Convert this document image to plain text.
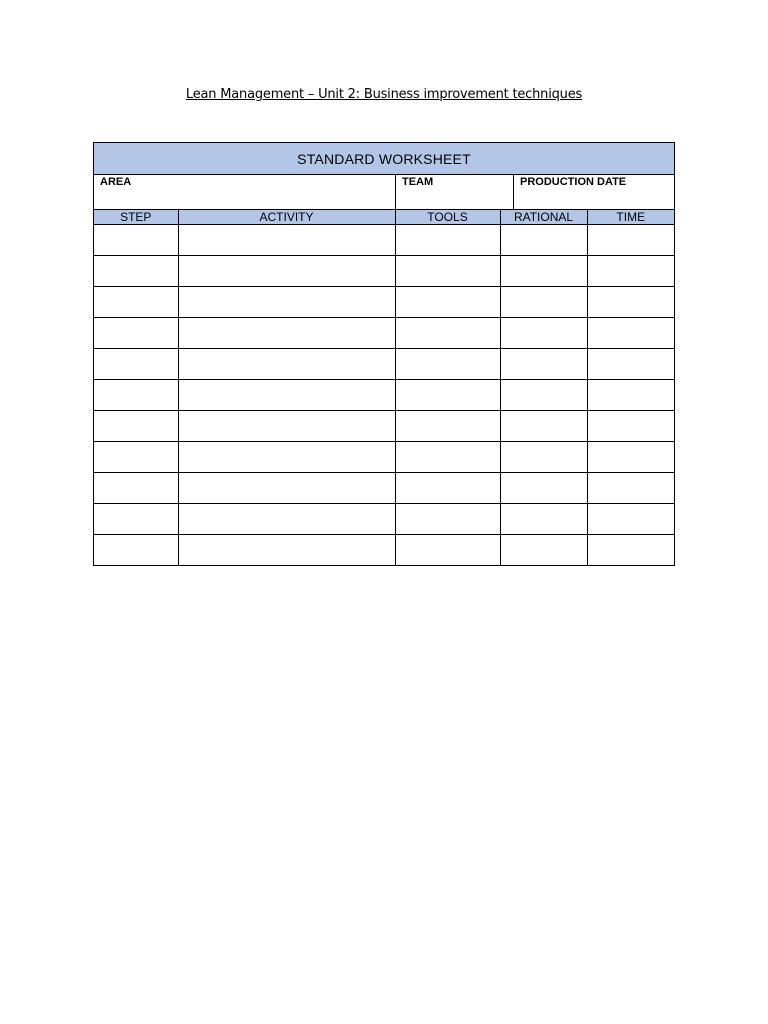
Lean Management – Unit 2: Business improvement techniques
STANDARD WORKSHEET
AREA	TEAM	PRODUCTION DATE
STEP	ACTIVITY	TOOLS	RATIONAL	TIME
